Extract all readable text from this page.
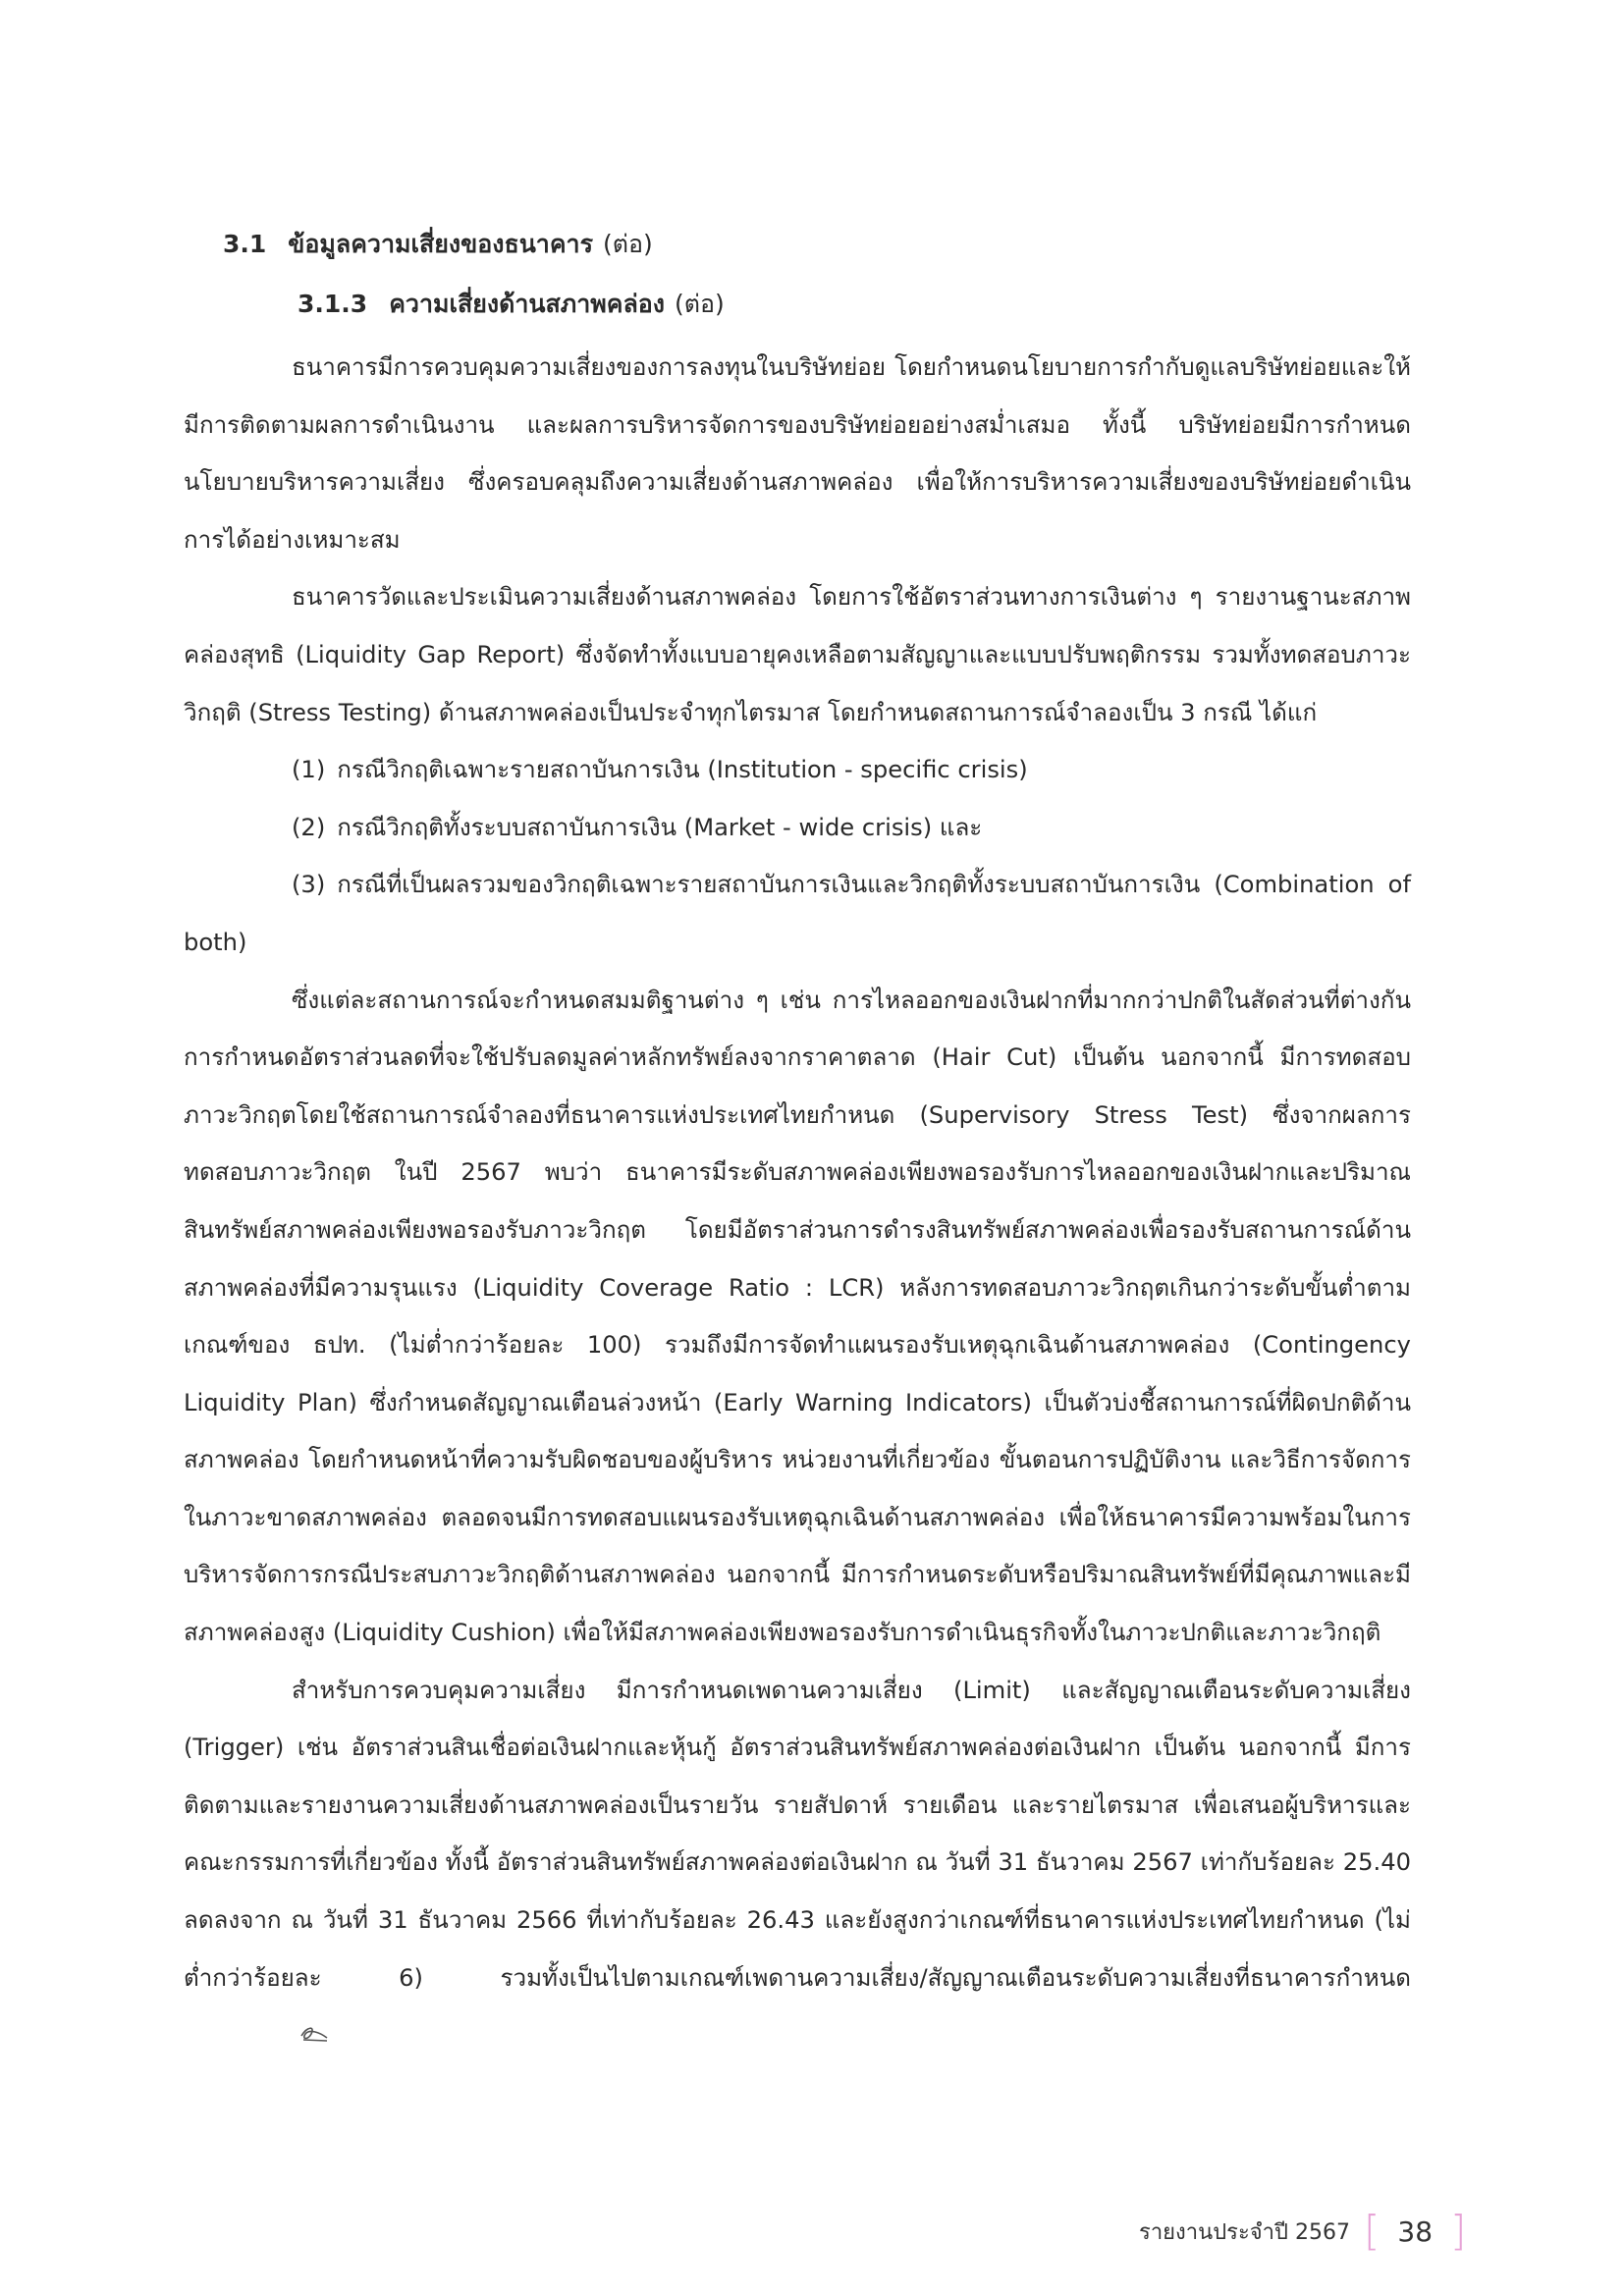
3.1 ข้อมูลความเสี่ยงของธนาคาร (ต่อ)
3.1.3 ความเสี่ยงด้านสภาพคล่อง (ต่อ)

ธนาคารมีการควบคุมความเสี่ยงของการลงทุนในบริษัทย่อย โดยกำหนดนโยบายการกำกับดูแลบริษัทย่อยและให้มีการติดตามผลการดำเนินงาน และผลการบริหารจัดการของบริษัทย่อยอย่างสม่ำเสมอ ทั้งนี้ บริษัทย่อยมีการกำหนดนโยบายบริหารความเสี่ยง ซึ่งครอบคลุมถึงความเสี่ยงด้านสภาพคล่อง เพื่อให้การบริหารความเสี่ยงของบริษัทย่อยดำเนินการได้อย่างเหมาะสม

ธนาคารวัดและประเมินความเสี่ยงด้านสภาพคล่อง โดยการใช้อัตราส่วนทางการเงินต่าง ๆ รายงานฐานะสภาพคล่องสุทธิ (Liquidity Gap Report) ซึ่งจัดทำทั้งแบบอายุคงเหลือตามสัญญาและแบบปรับพฤติกรรม รวมทั้งทดสอบภาวะวิกฤติ (Stress Testing) ด้านสภาพคล่องเป็นประจำทุกไตรมาส โดยกำหนดสถานการณ์จำลองเป็น 3 กรณี ได้แก่

(1) กรณีวิกฤติเฉพาะรายสถาบันการเงิน (Institution - specific crisis)
(2) กรณีวิกฤติทั้งระบบสถาบันการเงิน (Market - wide crisis) และ
(3) กรณีที่เป็นผลรวมของวิกฤติเฉพาะรายสถาบันการเงินและวิกฤติทั้งระบบสถาบันการเงิน (Combination of both)

ซึ่งแต่ละสถานการณ์จะกำหนดสมมติฐานต่าง ๆ เช่น การไหลออกของเงินฝากที่มากกว่าปกติในสัดส่วนที่ต่างกัน การกำหนดอัตราส่วนลดที่จะใช้ปรับลดมูลค่าหลักทรัพย์ลงจากราคาตลาด (Hair Cut) เป็นต้น นอกจากนี้ มีการทดสอบภาวะวิกฤตโดยใช้สถานการณ์จำลองที่ธนาคารแห่งประเทศไทยกำหนด (Supervisory Stress Test) ซึ่งจากผลการทดสอบภาวะวิกฤต ในปี 2567 พบว่า ธนาคารมีระดับสภาพคล่องเพียงพอรองรับการไหลออกของเงินฝากและปริมาณสินทรัพย์สภาพคล่องเพียงพอรองรับภาวะวิกฤต โดยมีอัตราส่วนการดำรงสินทรัพย์สภาพคล่องเพื่อรองรับสถานการณ์ด้านสภาพคล่องที่มีความรุนแรง (Liquidity Coverage Ratio : LCR) หลังการทดสอบภาวะวิกฤตเกินกว่าระดับขั้นต่ำตามเกณฑ์ของ ธปท. (ไม่ต่ำกว่าร้อยละ 100) รวมถึงมีการจัดทำแผนรองรับเหตุฉุกเฉินด้านสภาพคล่อง (Contingency Liquidity Plan) ซึ่งกำหนดสัญญาณเตือนล่วงหน้า (Early Warning Indicators) เป็นตัวบ่งชี้สถานการณ์ที่ผิดปกติด้านสภาพคล่อง โดยกำหนดหน้าที่ความรับผิดชอบของผู้บริหาร หน่วยงานที่เกี่ยวข้อง ขั้นตอนการปฏิบัติงาน และวิธีการจัดการในภาวะขาดสภาพคล่อง ตลอดจนมีการทดสอบแผนรองรับเหตุฉุกเฉินด้านสภาพคล่อง เพื่อให้ธนาคารมีความพร้อมในการบริหารจัดการกรณีประสบภาวะวิกฤติด้านสภาพคล่อง นอกจากนี้ มีการกำหนดระดับหรือปริมาณสินทรัพย์ที่มีคุณภาพและมีสภาพคล่องสูง (Liquidity Cushion) เพื่อให้มีสภาพคล่องเพียงพอรองรับการดำเนินธุรกิจทั้งในภาวะปกติและภาวะวิกฤติ

สำหรับการควบคุมความเสี่ยง มีการกำหนดเพดานความเสี่ยง (Limit) และสัญญาณเตือนระดับความเสี่ยง (Trigger) เช่น อัตราส่วนสินเชื่อต่อเงินฝากและหุ้นกู้ อัตราส่วนสินทรัพย์สภาพคล่องต่อเงินฝาก เป็นต้น นอกจากนี้ มีการติดตามและรายงานความเสี่ยงด้านสภาพคล่องเป็นรายวัน รายสัปดาห์ รายเดือน และรายไตรมาส เพื่อเสนอผู้บริหารและคณะกรรมการที่เกี่ยวข้อง ทั้งนี้ อัตราส่วนสินทรัพย์สภาพคล่องต่อเงินฝาก ณ วันที่ 31 ธันวาคม 2567 เท่ากับร้อยละ 25.40 ลดลงจาก ณ วันที่ 31 ธันวาคม 2566 ที่เท่ากับร้อยละ 26.43 และยังสูงกว่าเกณฑ์ที่ธนาคารแห่งประเทศไทยกำหนด (ไม่ต่ำกว่าร้อยละ 6) รวมทั้งเป็นไปตามเกณฑ์เพดานความเสี่ยง/สัญญาณเตือนระดับความเสี่ยงที่ธนาคารกำหนด

รายงานประจำปี 2567 [ 38 ]
